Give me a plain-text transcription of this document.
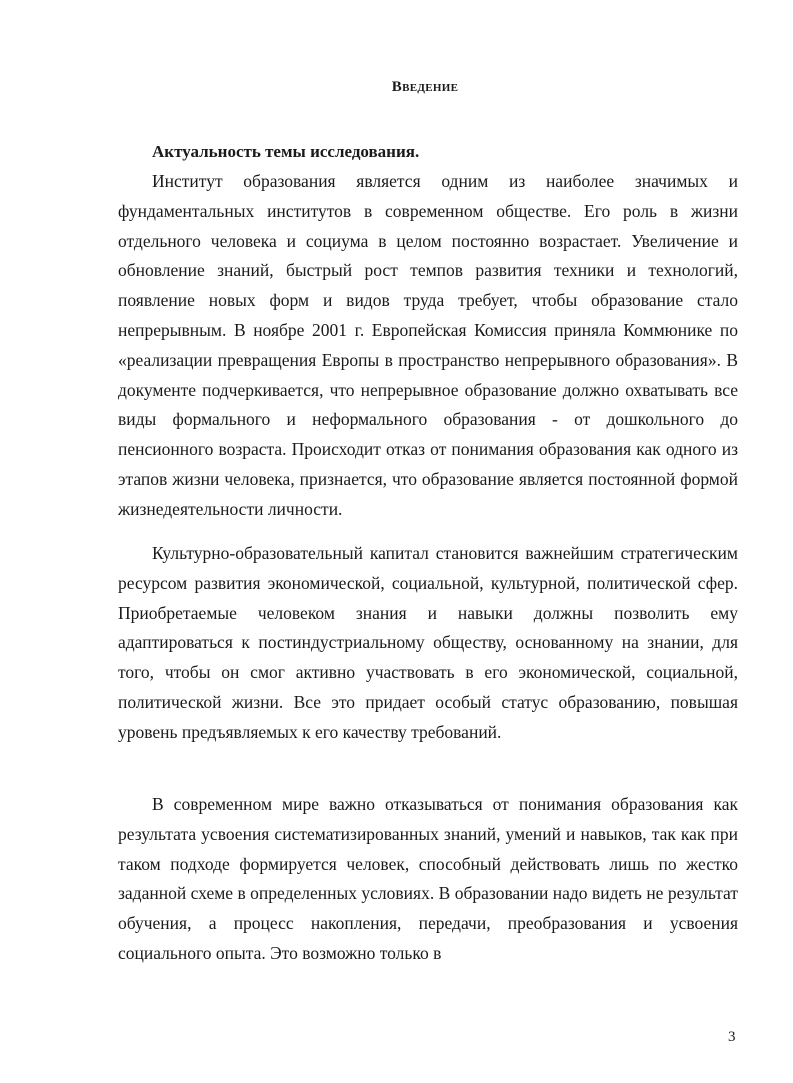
Введение
Актуальность темы исследования.

Институт образования является одним из наиболее значимых и фундаментальных институтов в современном обществе. Его роль в жизни отдельного человека и социума в целом постоянно возрастает. Увеличение и обновление знаний, быстрый рост темпов развития техники и технологий, появление новых форм и видов труда требует, чтобы образование стало непрерывным. В ноябре 2001 г. Европейская Комиссия приняла Коммюнике по «реализации превращения Европы в пространство непрерывного образования». В документе подчеркивается, что непрерывное образование должно охватывать все виды формального и неформального образования - от дошкольного до пенсионного возраста. Происходит отказ от понимания образования как одного из этапов жизни человека, признается, что образование является постоянной формой жизнедеятельности личности.

Культурно-образовательный капитал становится важнейшим стратегическим ресурсом развития экономической, социальной, культурной, политической сфер. Приобретаемые человеком знания и навыки должны позволить ему адаптироваться к постиндустриальному обществу, основанному на знании, для того, чтобы он смог активно участвовать в его экономической, социальной, политической жизни. Все это придает особый статус образованию, повышая уровень предъявляемых к его качеству требований.

В современном мире важно отказываться от понимания образования как результата усвоения систематизированных знаний, умений и навыков, так как при таком подходе формируется человек, способный действовать лишь по жестко заданной схеме в определенных условиях. В образовании надо видеть не результат обучения, а процесс накопления, передачи, преобразования и усвоения социального опыта. Это возможно только в

3
